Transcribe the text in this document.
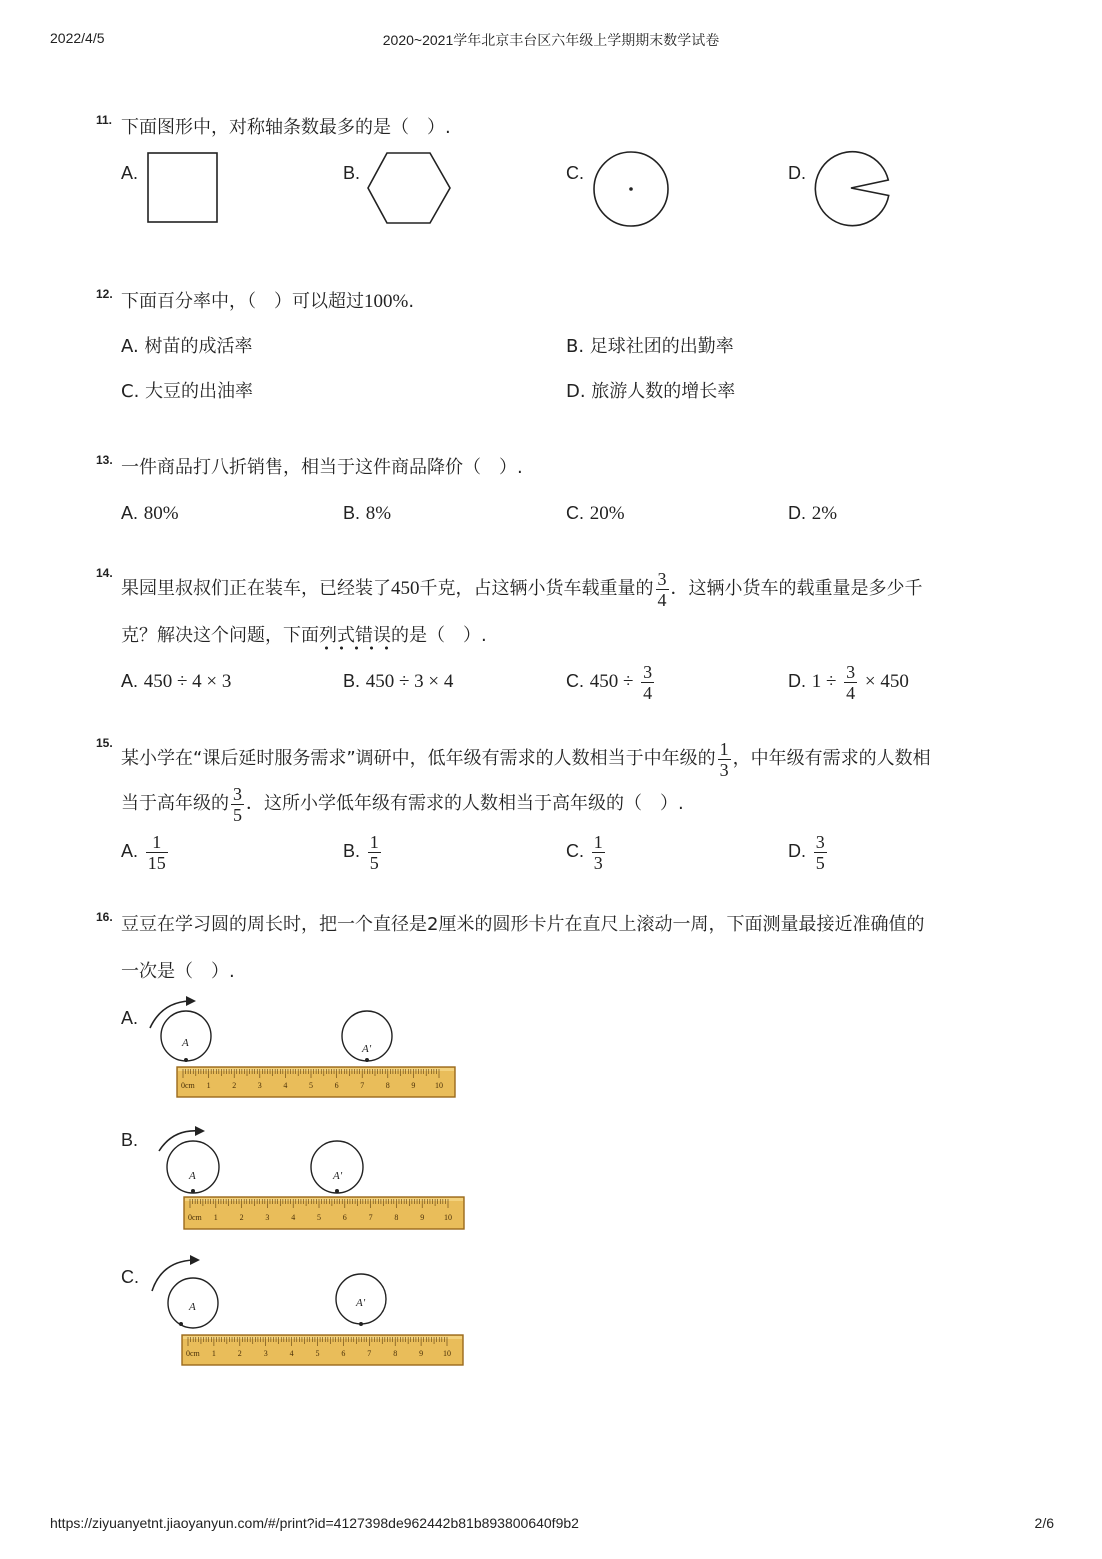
2022/4/5	2020~2021学年北京丰台区六年级上学期期末数学试卷
11. 下面图形中，对称轴条数最多的是（　）.
A.	B.	C.	D.
12. 下面百分率中，（　）可以超过100%.
A. 树苗的成活率	B. 足球社团的出勤率
C. 大豆的出油率	D. 旅游人数的增长率
13. 一件商品打八折销售，相当于这件商品降价（　）.
A. 80%	B. 8%	C. 20%	D. 2%
14.
果园里叔叔们正在装车，已经装了450千克，占这辆小货车载重量的 $\frac{3}{4}$ ．这辆小货车的载重量是多少千
克？解决这个问题，下面列式错误的是（　）.
A. 450 ÷ 4 × 3	B. 450 ÷ 3 × 4	C. $450 \div \frac{3}{4}$	D. $1 \div \frac{3}{4} \times 450$
15.
某小学在“课后延时服务需求”调研中，低年级有需求的人数相当于中年级的 $\frac{1}{3}$ ，中年级有需求的人数相
当于高年级的 $\frac{3}{5}$ ．这所小学低年级有需求的人数相当于高年级的（　）.
A. $\frac{1}{15}$	B. $\frac{1}{5}$	C. $\frac{1}{3}$	D. $\frac{3}{5}$
16. 豆豆在学习圆的周长时，把一个直径是2厘米的圆形卡片在直尺上滚动一周，下面测量最接近准确值的
一次是（　）.
A.
A	A′
0cm 1	2	3	4	5	6	7	8	9 10
B.
A	A′
0cm 1	2	3	4	5	6	7	8	9 10
C.
A	A′
0cm 1	2	3	4	5	6	7	8	9 10
https://ziyuanyetnt.jiaoyanyun.com/#/print?id=4127398de962442b81b893800640f9b2	2/6
